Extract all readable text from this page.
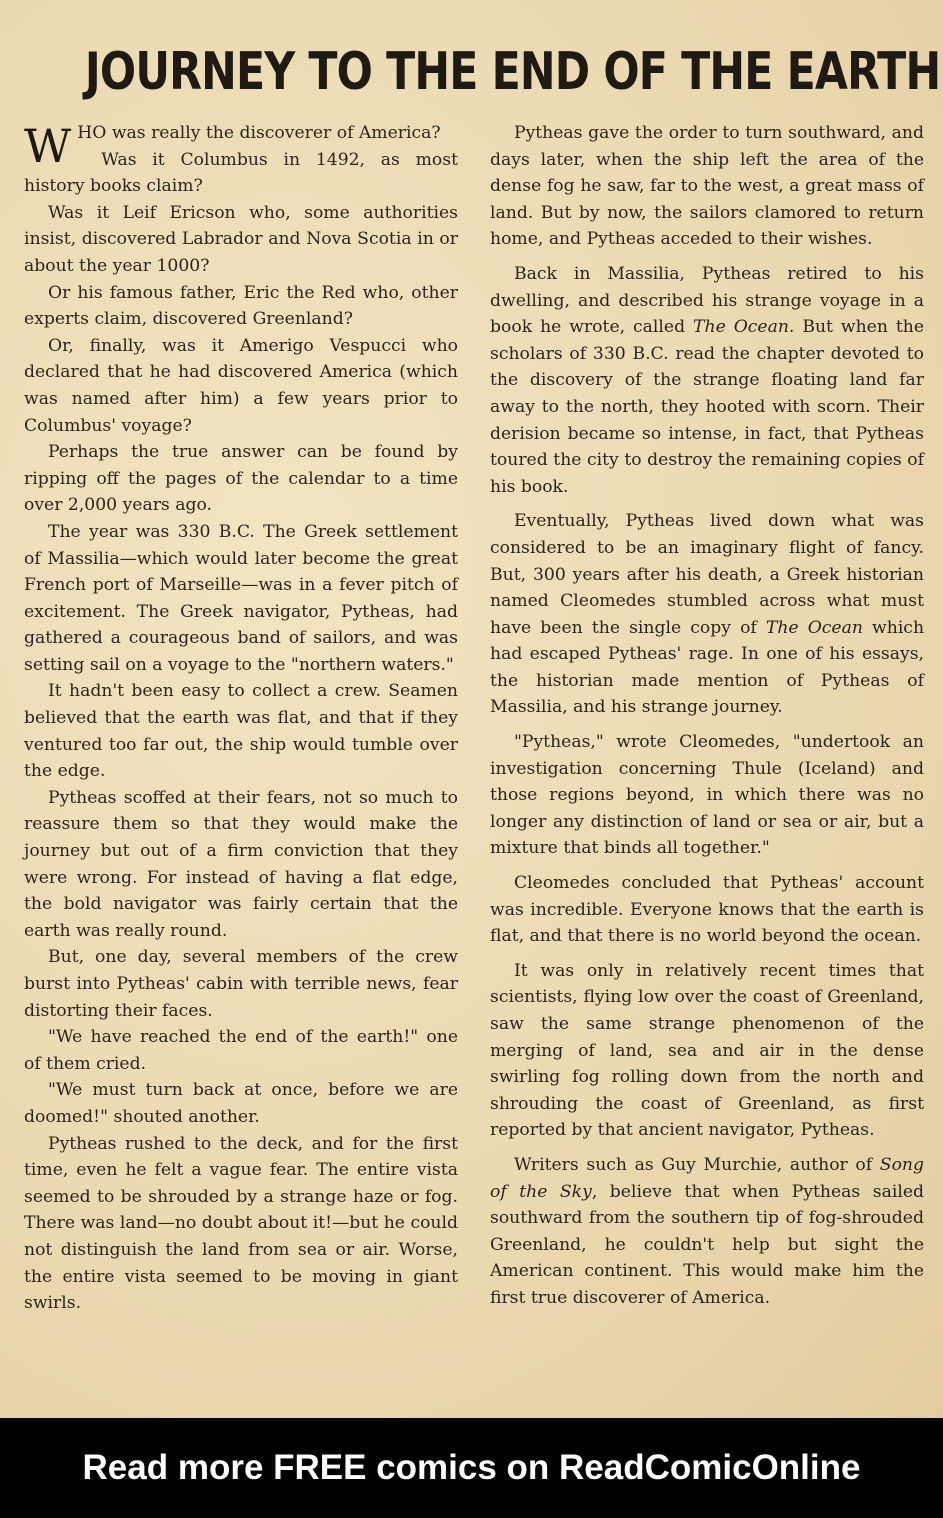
JOURNEY TO THE END OF THE EARTH

WHO was really the discoverer of America?

Was it Columbus in 1492, as most history books claim?

Was it Leif Ericson who, some authorities insist, discovered Labrador and Nova Scotia in or about the year 1000?

Or his famous father, Eric the Red who, other experts claim, discovered Greenland?

Or, finally, was it Amerigo Vespucci who declared that he had discovered America (which was named after him) a few years prior to Columbus' voyage?

Perhaps the true answer can be found by ripping off the pages of the calendar to a time over 2,000 years ago.

The year was 330 B.C. The Greek settlement of Massilia—which would later become the great French port of Marseille—was in a fever pitch of excitement. The Greek navigator, Pytheas, had gathered a courageous band of sailors, and was setting sail on a voyage to the "northern waters."

It hadn't been easy to collect a crew. Seamen believed that the earth was flat, and that if they ventured too far out, the ship would tumble over the edge.

Pytheas scoffed at their fears, not so much to reassure them so that they would make the journey but out of a firm conviction that they were wrong. For instead of having a flat edge, the bold navigator was fairly certain that the earth was really round.

But, one day, several members of the crew burst into Pytheas' cabin with terrible news, fear distorting their faces.

"We have reached the end of the earth!" one of them cried.

"We must turn back at once, before we are doomed!" shouted another.

Pytheas rushed to the deck, and for the first time, even he felt a vague fear. The entire vista seemed to be shrouded by a strange haze or fog. There was land—no doubt about it!—but he could not distinguish the land from sea or air. Worse, the entire vista seemed to be moving in giant swirls.

Pytheas gave the order to turn southward, and days later, when the ship left the area of the dense fog he saw, far to the west, a great mass of land. But by now, the sailors clamored to return home, and Pytheas acceded to their wishes.

Back in Massilia, Pytheas retired to his dwelling, and described his strange voyage in a book he wrote, called The Ocean. But when the scholars of 330 B.C. read the chapter devoted to the discovery of the strange floating land far away to the north, they hooted with scorn. Their derision became so intense, in fact, that Pytheas toured the city to destroy the remaining copies of his book.

Eventually, Pytheas lived down what was considered to be an imaginary flight of fancy. But, 300 years after his death, a Greek historian named Cleomedes stumbled across what must have been the single copy of The Ocean which had escaped Pytheas' rage. In one of his essays, the historian made mention of Pytheas of Massilia, and his strange journey.

"Pytheas," wrote Cleomedes, "undertook an investigation concerning Thule (Iceland) and those regions beyond, in which there was no longer any distinction of land or sea or air, but a mixture that binds all together."

Cleomedes concluded that Pytheas' account was incredible. Everyone knows that the earth is flat, and that there is no world beyond the ocean.

It was only in relatively recent times that scientists, flying low over the coast of Greenland, saw the same strange phenomenon of the merging of land, sea and air in the dense swirling fog rolling down from the north and shrouding the coast of Greenland, as first reported by that ancient navigator, Pytheas.

Writers such as Guy Murchie, author of Song of the Sky, believe that when Pytheas sailed southward from the southern tip of fog-shrouded Greenland, he couldn't help but sight the American continent. This would make him the first true discoverer of America.

Read more FREE comics on ReadComicOnline
